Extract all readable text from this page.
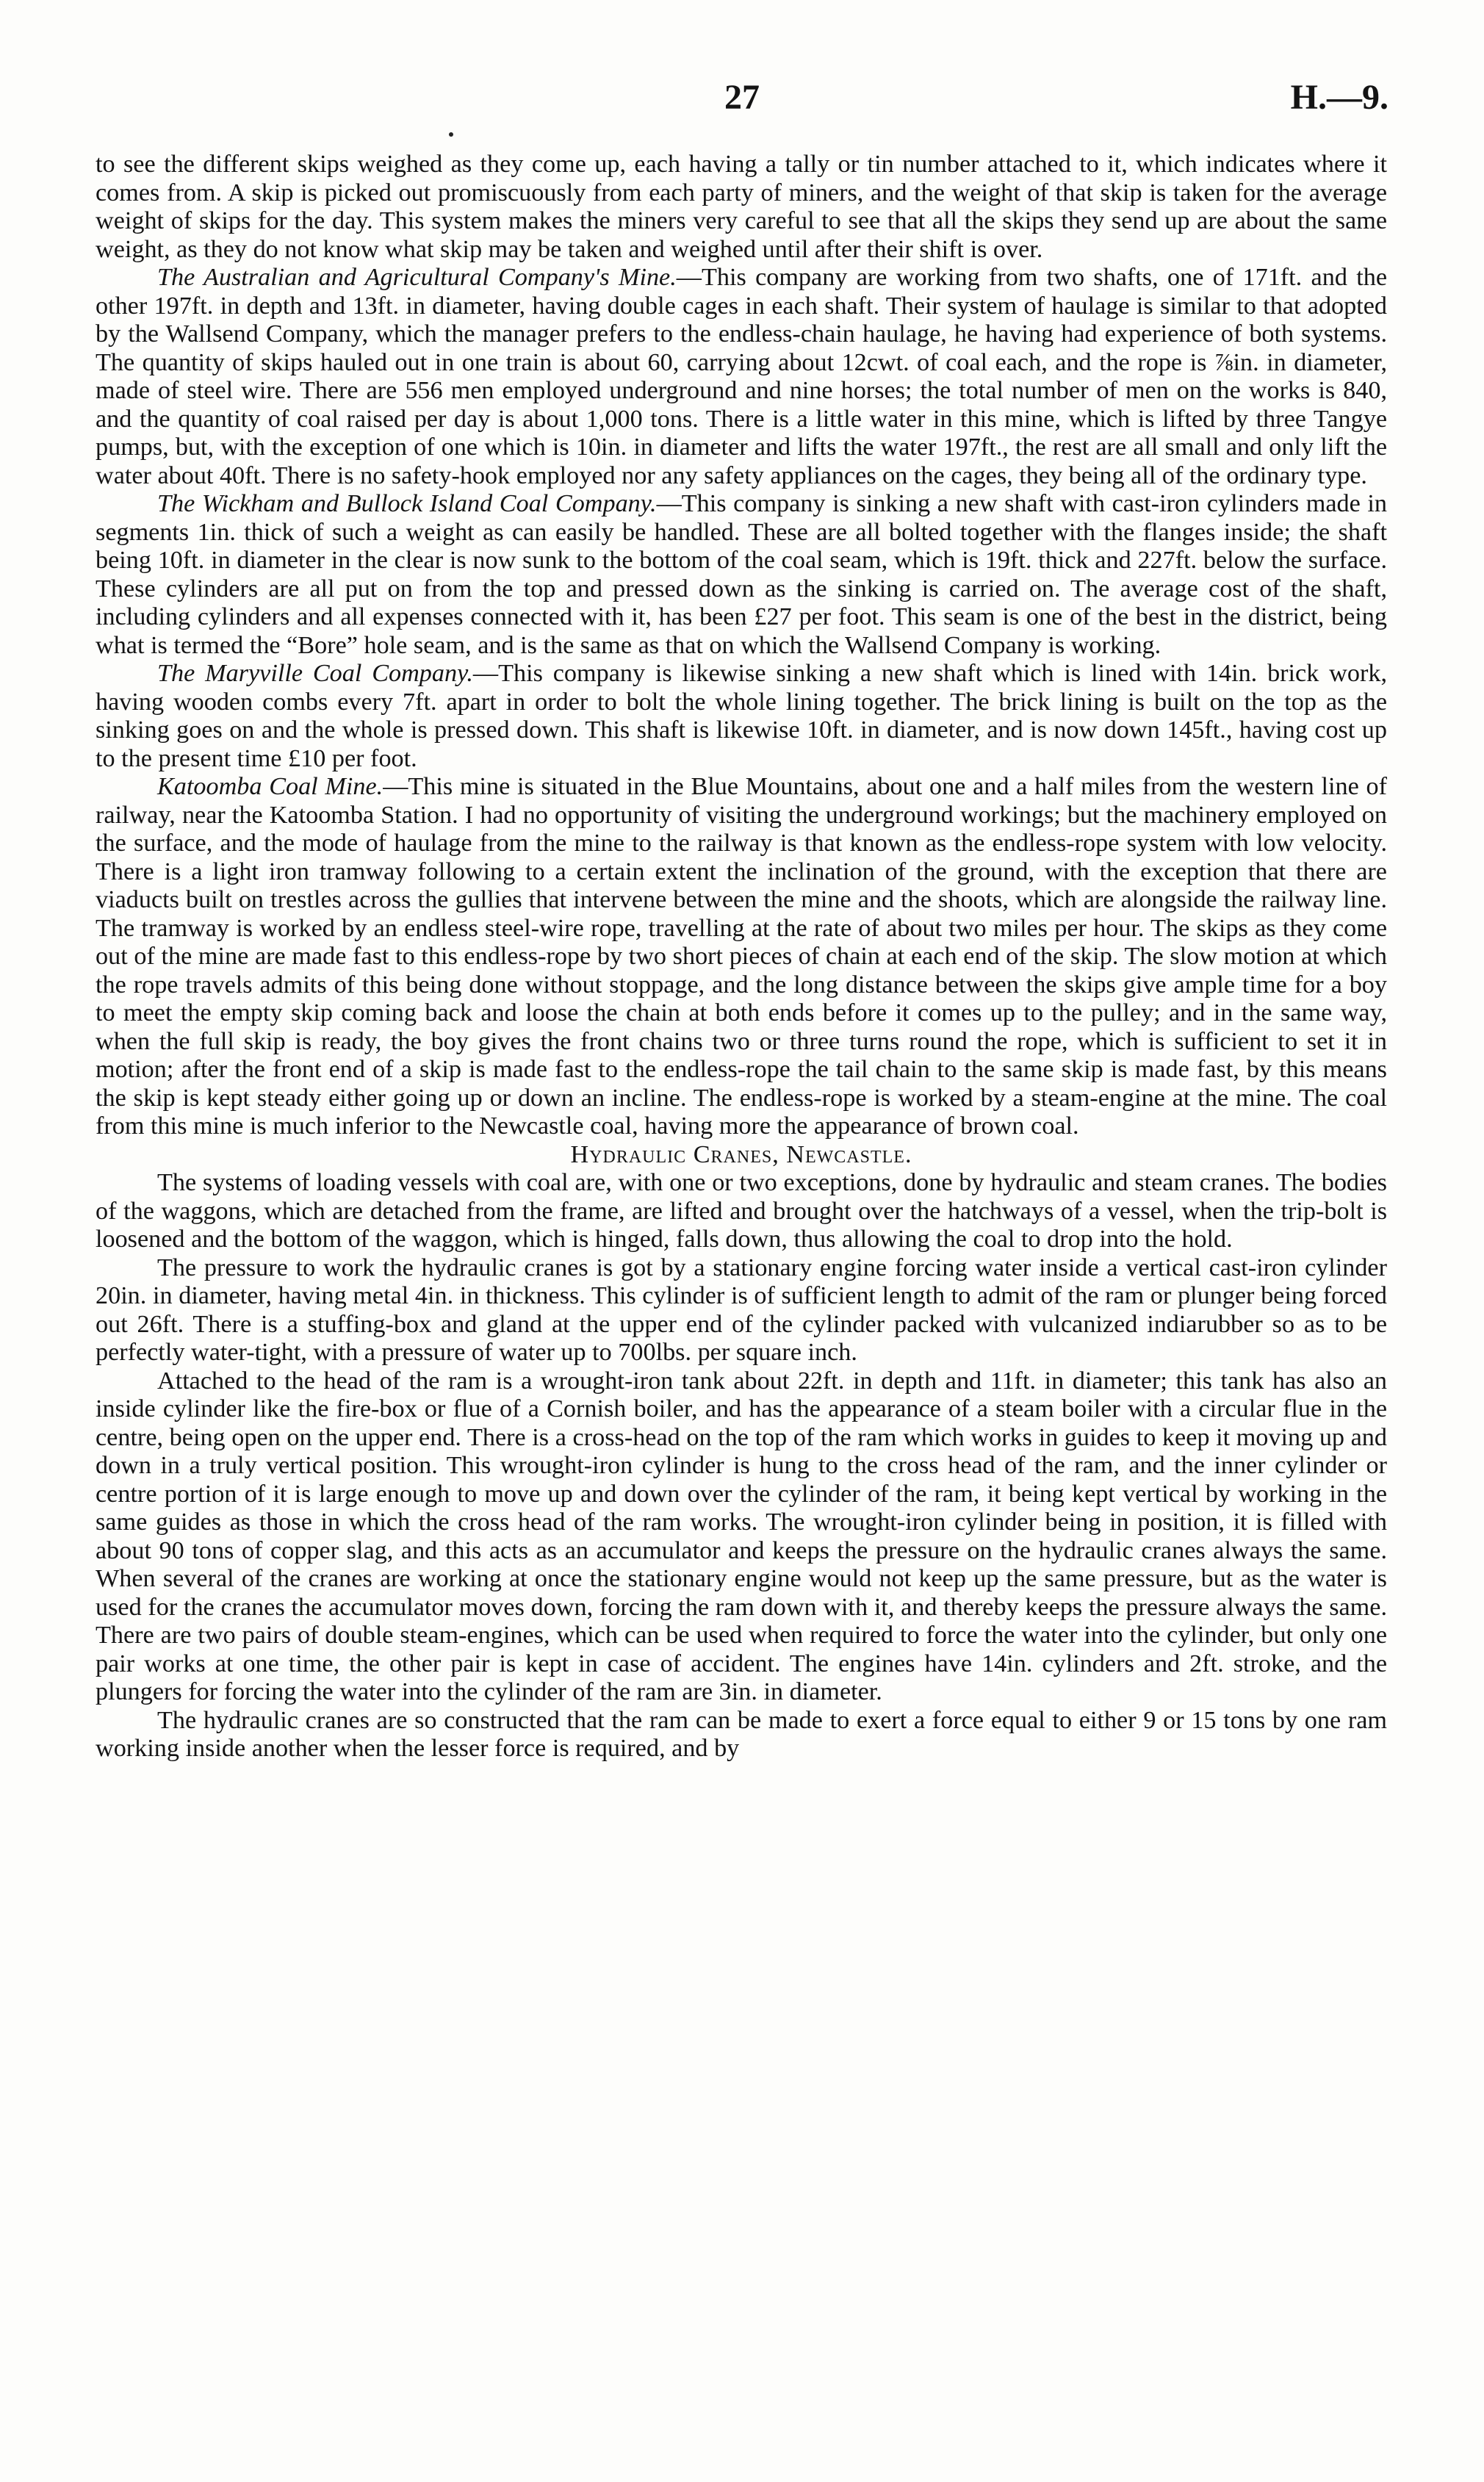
27	H.—9.

to see the different skips weighed as they come up, each having a tally or tin number attached to it, which indicates where it comes from. A skip is picked out promiscuously from each party of miners, and the weight of that skip is taken for the average weight of skips for the day. This system makes the miners very careful to see that all the skips they send up are about the same weight, as they do not know what skip may be taken and weighed until after their shift is over.

The Australian and Agricultural Company's Mine.—This company are working from two shafts, one of 171ft. and the other 197ft. in depth and 13ft. in diameter, having double cages in each shaft. Their system of haulage is similar to that adopted by the Wallsend Company, which the manager prefers to the endless-chain haulage, he having had experience of both systems. The quantity of skips hauled out in one train is about 60, carrying about 12cwt. of coal each, and the rope is ⅞in. in diameter, made of steel wire. There are 556 men employed underground and nine horses; the total number of men on the works is 840, and the quantity of coal raised per day is about 1,000 tons. There is a little water in this mine, which is lifted by three Tangye pumps, but, with the exception of one which is 10in. in diameter and lifts the water 197ft., the rest are all small and only lift the water about 40ft. There is no safety-hook employed nor any safety appliances on the cages, they being all of the ordinary type.

The Wickham and Bullock Island Coal Company.—This company is sinking a new shaft with cast-iron cylinders made in segments 1in. thick of such a weight as can easily be handled. These are all bolted together with the flanges inside; the shaft being 10ft. in diameter in the clear is now sunk to the bottom of the coal seam, which is 19ft. thick and 227ft. below the surface. These cylinders are all put on from the top and pressed down as the sinking is carried on. The average cost of the shaft, including cylinders and all expenses connected with it, has been £27 per foot. This seam is one of the best in the district, being what is termed the “Bore” hole seam, and is the same as that on which the Wallsend Company is working.

The Maryville Coal Company.—This company is likewise sinking a new shaft which is lined with 14in. brick work, having wooden combs every 7ft. apart in order to bolt the whole lining together. The brick lining is built on the top as the sinking goes on and the whole is pressed down. This shaft is likewise 10ft. in diameter, and is now down 145ft., having cost up to the present time £10 per foot.

Katoomba Coal Mine.—This mine is situated in the Blue Mountains, about one and a half miles from the western line of railway, near the Katoomba Station. I had no opportunity of visiting the underground workings; but the machinery employed on the surface, and the mode of haulage from the mine to the railway is that known as the endless-rope system with low velocity. There is a light iron tramway following to a certain extent the inclination of the ground, with the exception that there are viaducts built on trestles across the gullies that intervene between the mine and the shoots, which are alongside the railway line. The tramway is worked by an endless steel-wire rope, travelling at the rate of about two miles per hour. The skips as they come out of the mine are made fast to this endless-rope by two short pieces of chain at each end of the skip. The slow motion at which the rope travels admits of this being done without stoppage, and the long distance between the skips give ample time for a boy to meet the empty skip coming back and loose the chain at both ends before it comes up to the pulley; and in the same way, when the full skip is ready, the boy gives the front chains two or three turns round the rope, which is sufficient to set it in motion; after the front end of a skip is made fast to the endless-rope the tail chain to the same skip is made fast, by this means the skip is kept steady either going up or down an incline. The endless-rope is worked by a steam-engine at the mine. The coal from this mine is much inferior to the Newcastle coal, having more the appearance of brown coal.

Hydraulic Cranes, Newcastle.

The systems of loading vessels with coal are, with one or two exceptions, done by hydraulic and steam cranes. The bodies of the waggons, which are detached from the frame, are lifted and brought over the hatchways of a vessel, when the trip-bolt is loosened and the bottom of the waggon, which is hinged, falls down, thus allowing the coal to drop into the hold.

The pressure to work the hydraulic cranes is got by a stationary engine forcing water inside a vertical cast-iron cylinder 20in. in diameter, having metal 4in. in thickness. This cylinder is of sufficient length to admit of the ram or plunger being forced out 26ft. There is a stuffing-box and gland at the upper end of the cylinder packed with vulcanized indiarubber so as to be perfectly water-tight, with a pressure of water up to 700lbs. per square inch.

Attached to the head of the ram is a wrought-iron tank about 22ft. in depth and 11ft. in diameter; this tank has also an inside cylinder like the fire-box or flue of a Cornish boiler, and has the appearance of a steam boiler with a circular flue in the centre, being open on the upper end. There is a cross-head on the top of the ram which works in guides to keep it moving up and down in a truly vertical position. This wrought-iron cylinder is hung to the cross head of the ram, and the inner cylinder or centre portion of it is large enough to move up and down over the cylinder of the ram, it being kept vertical by working in the same guides as those in which the cross head of the ram works. The wrought-iron cylinder being in position, it is filled with about 90 tons of copper slag, and this acts as an accumulator and keeps the pressure on the hydraulic cranes always the same. When several of the cranes are working at once the stationary engine would not keep up the same pressure, but as the water is used for the cranes the accumulator moves down, forcing the ram down with it, and thereby keeps the pressure always the same. There are two pairs of double steam-engines, which can be used when required to force the water into the cylinder, but only one pair works at one time, the other pair is kept in case of accident. The engines have 14in. cylinders and 2ft. stroke, and the plungers for forcing the water into the cylinder of the ram are 3in. in diameter.

The hydraulic cranes are so constructed that the ram can be made to exert a force equal to either 9 or 15 tons by one ram working inside another when the lesser force is required, and by
